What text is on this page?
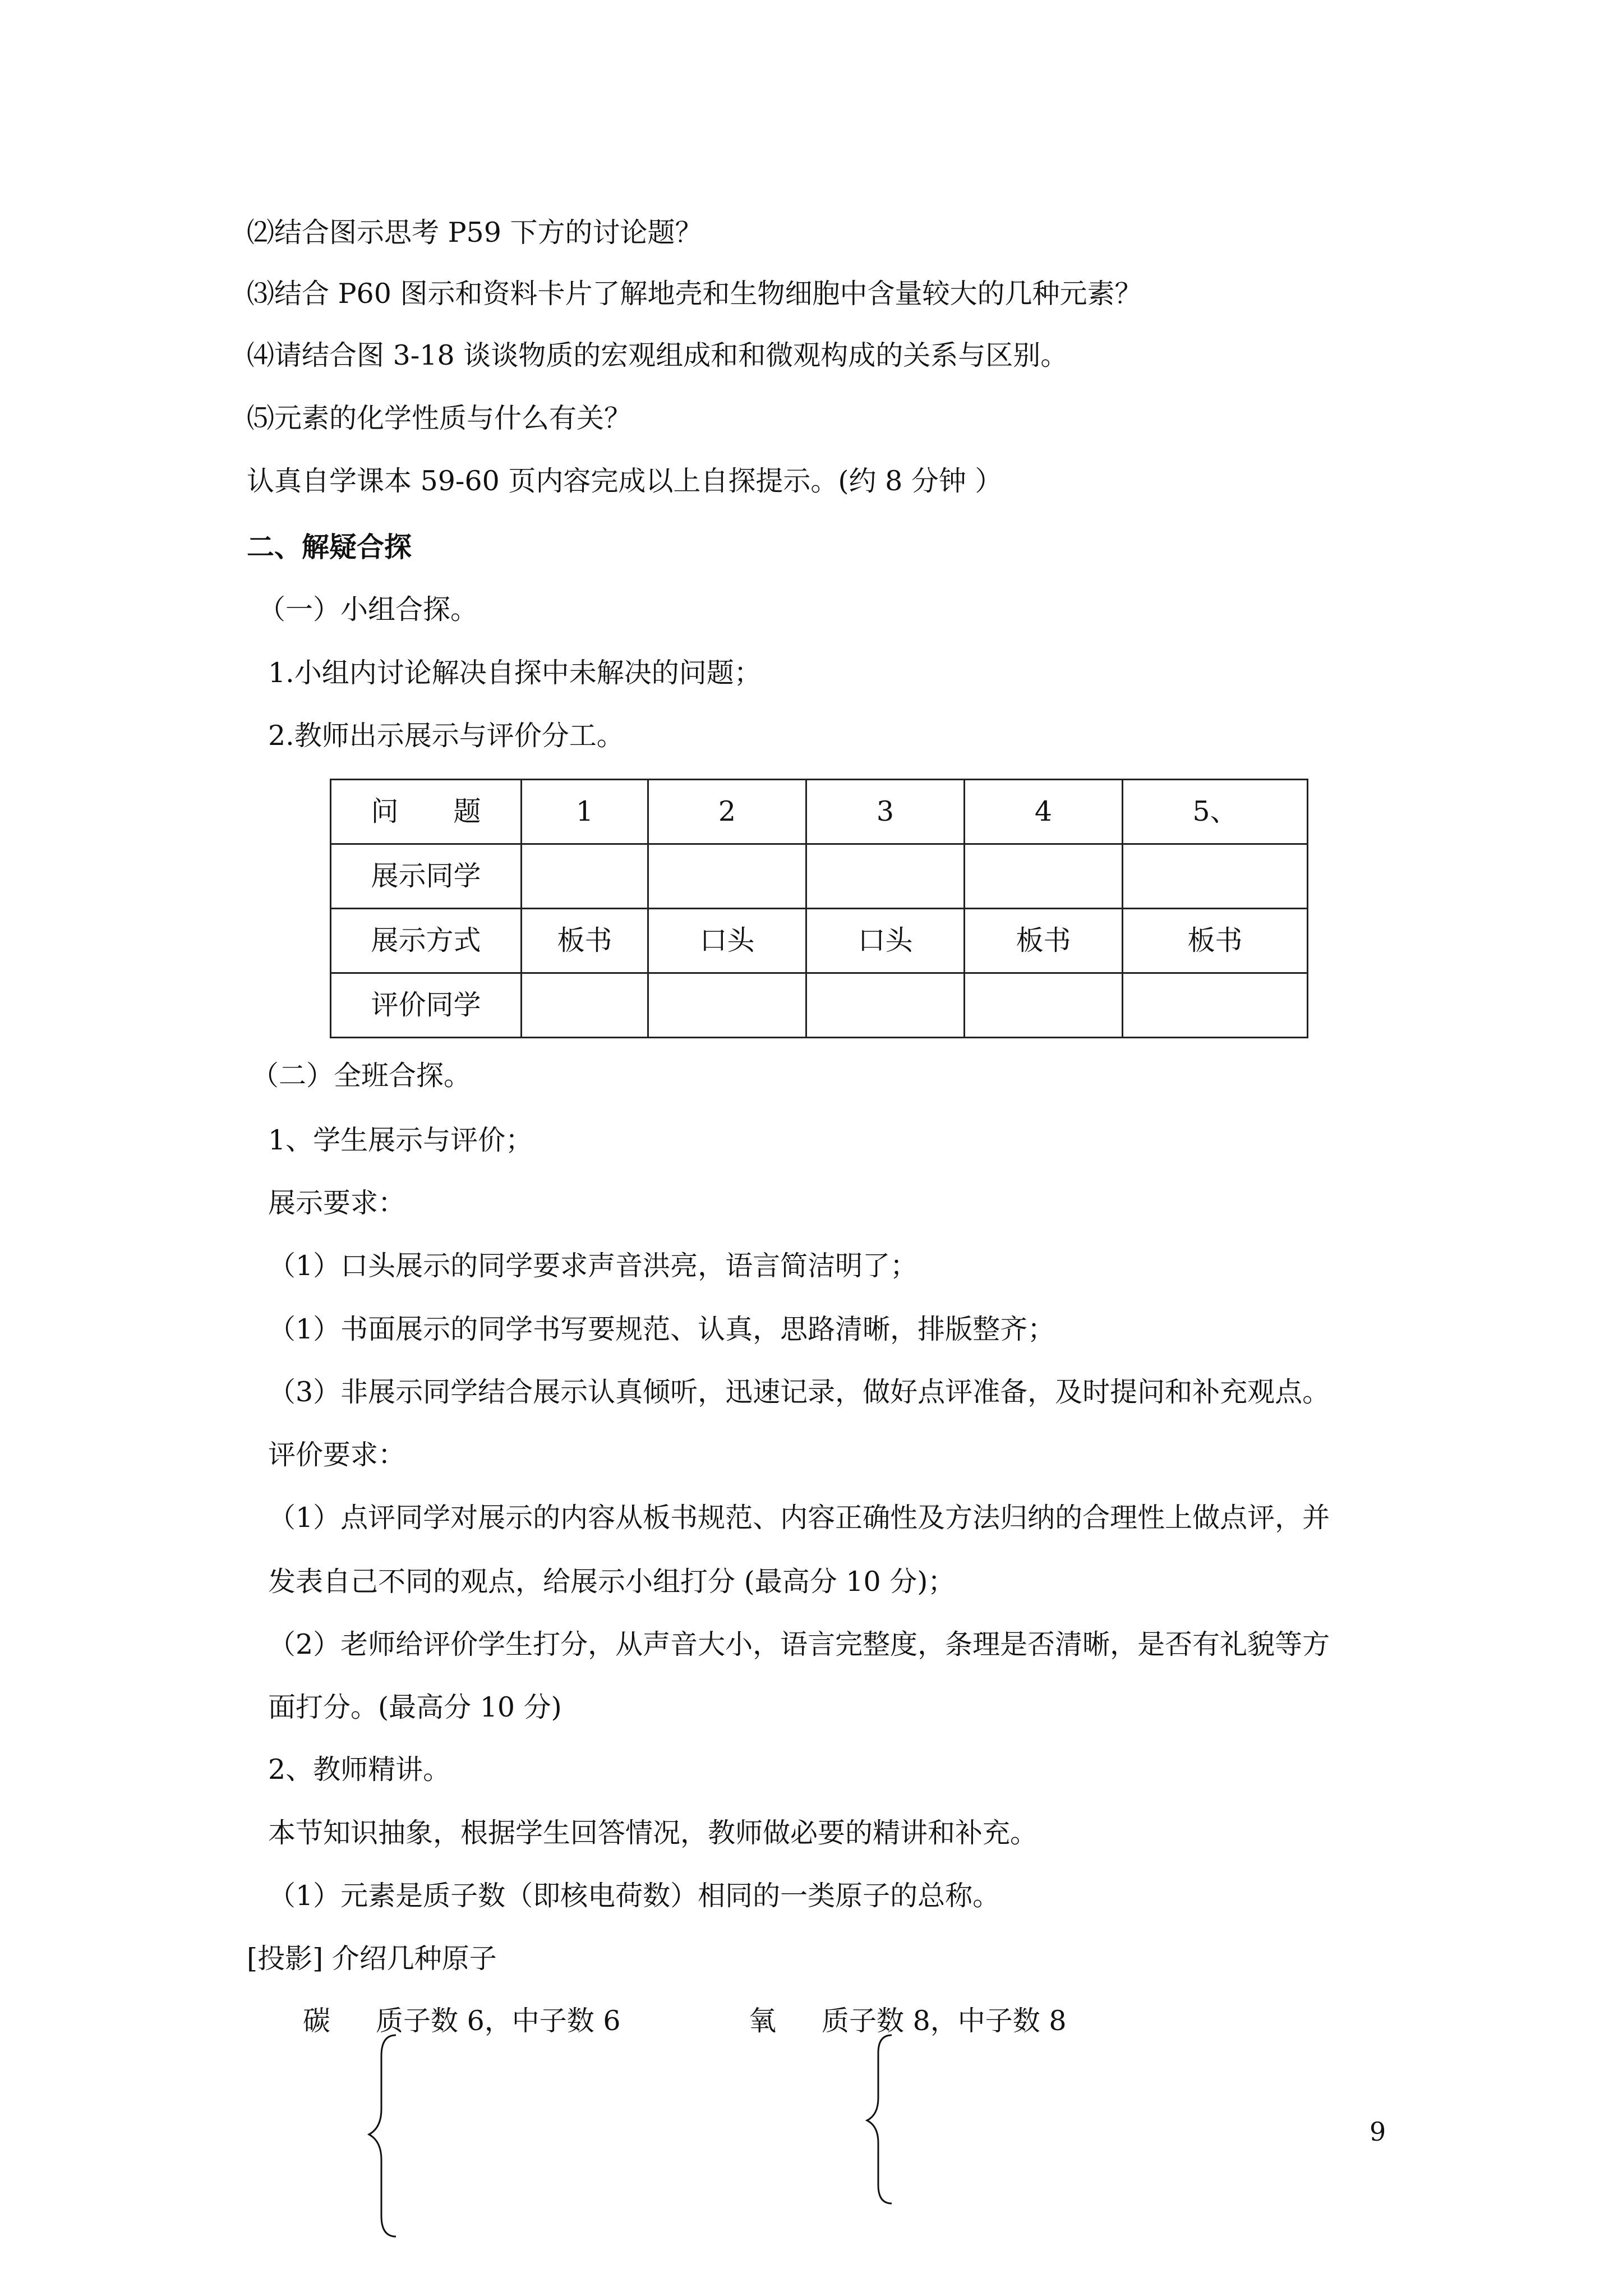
⑵结合图示思考 P59 下方的讨论题？
⑶结合 P60 图示和资料卡片了解地壳和生物细胞中含量较大的几种元素？
⑷请结合图 3-18 谈谈物质的宏观组成和和微观构成的关系与区别。
⑸元素的化学性质与什么有关？
认真自学课本 59-60 页内容完成以上自探提示。(约 8 分钟 ）
二、解疑合探
（一）小组合探。
1.小组内讨论解决自探中未解决的问题；
2.教师出示展示与评价分工。
问　　题	1	2	3	4	5、
展示同学					
展示方式	板书	口头	口头	板书	板书
评价同学					
（二）全班合探。
1、学生展示与评价；
展示要求：
（1）口头展示的同学要求声音洪亮，语言简洁明了；
（1）书面展示的同学书写要规范、认真，思路清晰，排版整齐；
（3）非展示同学结合展示认真倾听，迅速记录，做好点评准备，及时提问和补充观点。
评价要求：
（1）点评同学对展示的内容从板书规范、内容正确性及方法归纳的合理性上做点评，并
发表自己不同的观点，给展示小组打分 (最高分 10 分)；
（2）老师给评价学生打分，从声音大小，语言完整度，条理是否清晰，是否有礼貌等方
面打分。(最高分 10 分)
2、教师精讲。
本节知识抽象，根据学生回答情况，教师做必要的精讲和补充。
（1）元素是质子数（即核电荷数）相同的一类原子的总称。
[投影] 介绍几种原子
碳 质子数 6，中子数 6	氧 质子数 8，中子数 8
9
